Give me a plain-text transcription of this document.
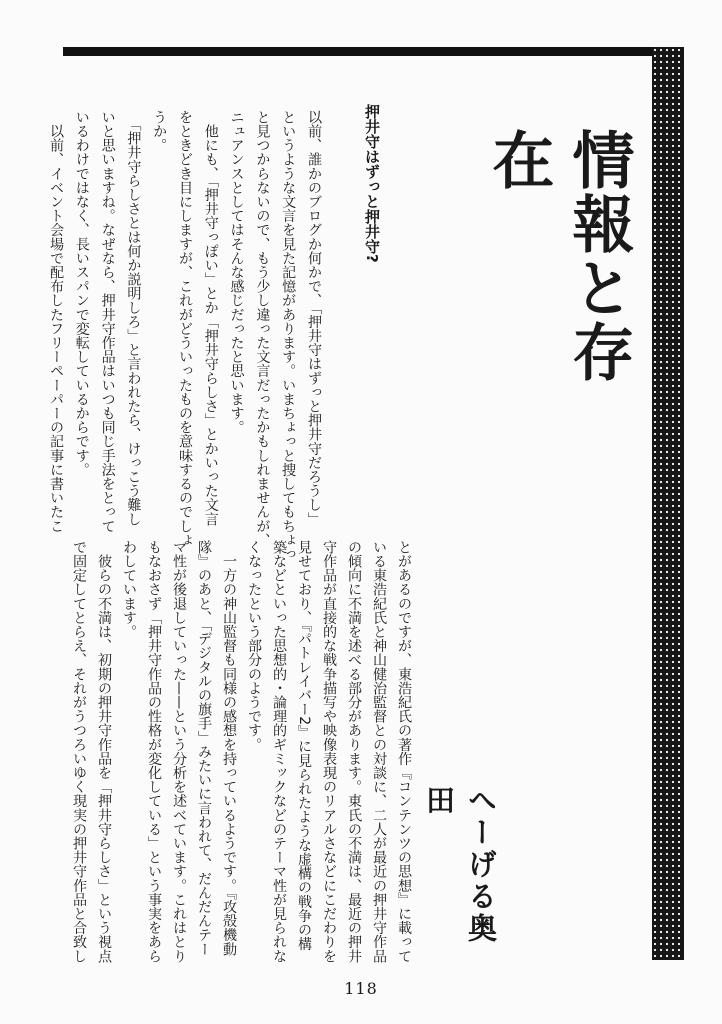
情報と存在
へーげる奥田
押井守はずっと押井守?
以前、誰かのブログか何かで、「押井守はずっと押井守だろうし」
というような文言を見た記憶があります。いまちょっと捜してもちょっ
と見つからないので、もう少し違った文言だったかもしれませんが、
ニュアンスとしてはそんな感じだったと思います。
　他にも、「押井守っぽい」とか「押井守らしさ」とかいった文言
をときどき目にしますが、これがどういったものを意味するのでしょ
うか。
　「押井守らしさとは何か説明しろ」と言われたら、けっこう難し
いと思いますね。なぜなら、押井守作品はいつも同じ手法をとって
いるわけではなく、長いスパンで変転しているからです。
　以前、イベント会場で配布したフリーペーパーの記事に書いたこ
とがあるのですが、東浩紀氏の著作『コンテンツの思想』に載って
いる東浩紀氏と神山健治監督との対談に、二人が最近の押井守作品
の傾向に不満を述べる部分があります。東氏の不満は、最近の押井
守作品が直接的な戦争描写や映像表現のリアルさなどにこだわりを
見せており、『パトレイバー2』に見られたような虚構の戦争の構
築などといった思想的・論理的ギミックなどのテーマ性が見られな
くなったという部分のようです。
　一方の神山監督も同様の感想を持っているようです。『攻殻機動
隊』のあと、「デジタルの旗手」みたいに言われて、だんだんテー
マ性が後退していった——という分析を述べています。これはとり
もなおさず「押井守作品の性格が変化している」という事実をあら
わしています。
　彼らの不満は、初期の押井守作品を「押井守らしさ」という視点
で固定してとらえ、それがうつろいゆく現実の押井守作品と合致し
118
